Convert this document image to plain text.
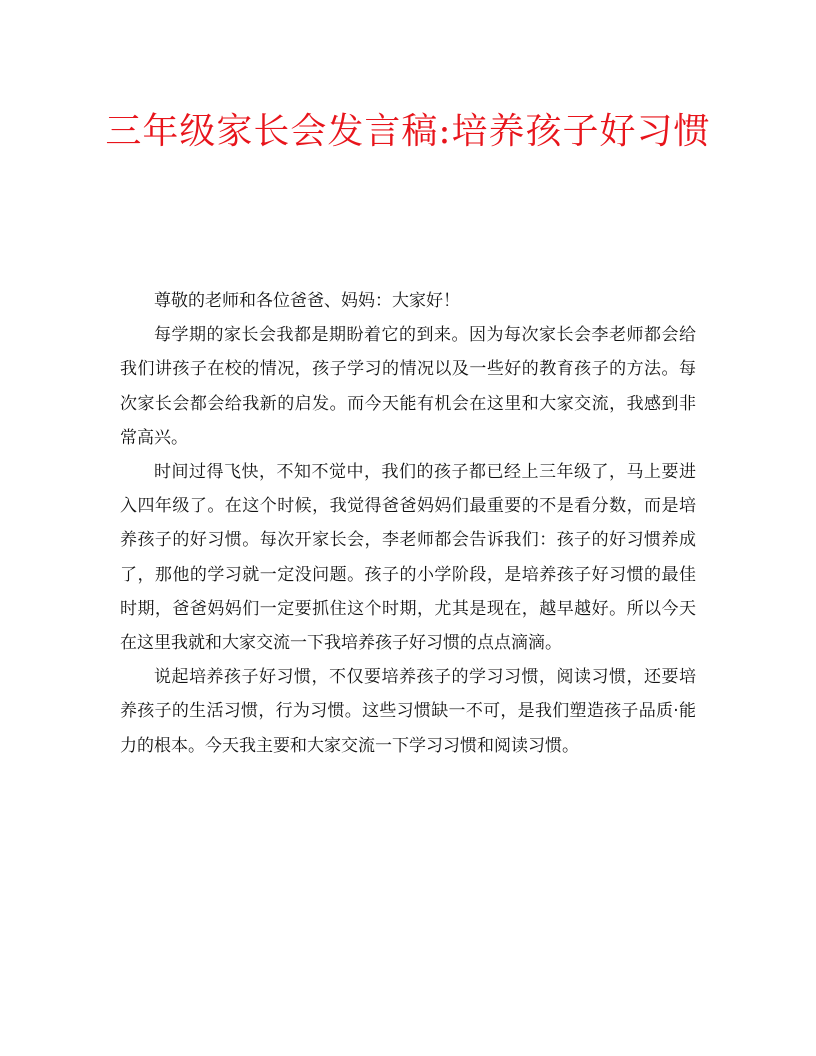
三年级家长会发言稿:培养孩子好习惯

尊敬的老师和各位爸爸、妈妈：大家好！

每学期的家长会我都是期盼着它的到来。因为每次家长会李老师都会给我们讲孩子在校的情况，孩子学习的情况以及一些好的教育孩子的方法。每次家长会都会给我新的启发。而今天能有机会在这里和大家交流，我感到非常高兴。

时间过得飞快，不知不觉中，我们的孩子都已经上三年级了，马上要进入四年级了。在这个时候，我觉得爸爸妈妈们最重要的不是看分数，而是培养孩子的好习惯。每次开家长会，李老师都会告诉我们：孩子的好习惯养成了，那他的学习就一定没问题。孩子的小学阶段，是培养孩子好习惯的最佳时期，爸爸妈妈们一定要抓住这个时期，尤其是现在，越早越好。所以今天在这里我就和大家交流一下我培养孩子好习惯的点点滴滴。

说起培养孩子好习惯，不仅要培养孩子的学习习惯，阅读习惯，还要培养孩子的生活习惯，行为习惯。这些习惯缺一不可，是我们塑造孩子品质·能力的根本。今天我主要和大家交流一下学习习惯和阅读习惯。
